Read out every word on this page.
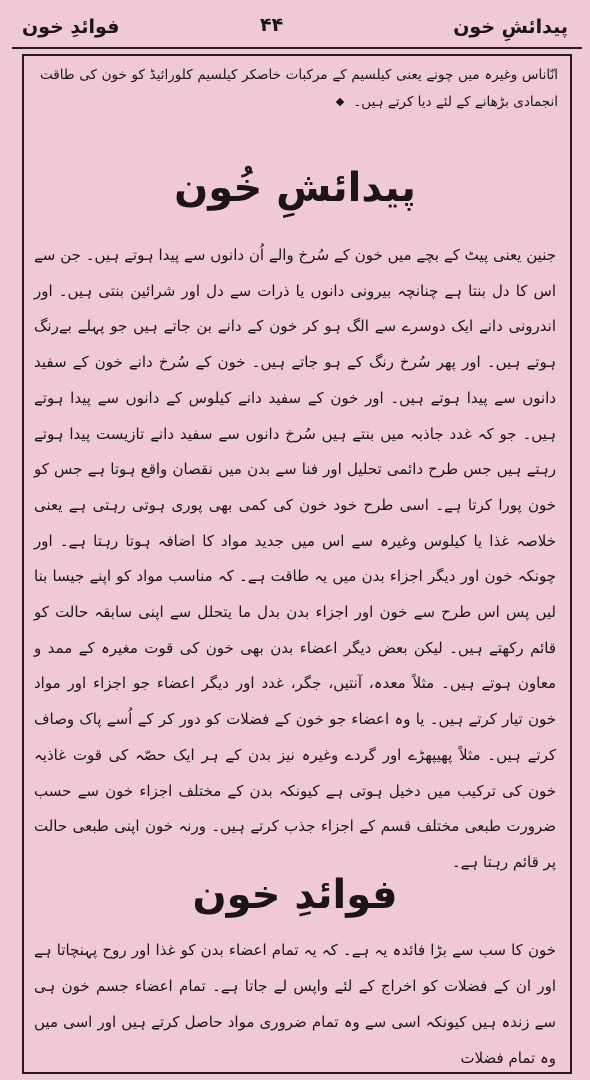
پیدائشِ خون
۴۴
فوائدِ خون
انّاناس وغیرہ میں چونے یعنی کیلسیم کے مرکبات خاصکر کیلسیم کلورائیڈ کو خون کی طاقت انجمادی بڑھانے کے لئے دیا کرتے ہیں۔
پیدائشِ خُون
جنین یعنی پیٹ کے بچے میں خون کے سُرخ والے اُن دانوں سے پیدا ہوتے ہیں۔ جن سے اس کا دل بنتا ہے چنانچہ بیرونی دانوں یا ذرات سے دل اور شرائین بنتی ہیں۔ اور اندرونی دانے ایک دوسرے سے الگ ہو کر خون کے دانے بن جاتے ہیں جو پہلے بےرنگ ہوتے ہیں۔ اور پھر سُرخ رنگ کے ہو جاتے ہیں۔ خون کے سُرخ دانے خون کے سفید دانوں سے پیدا ہوتے ہیں۔ اور خون کے سفید دانے کیلوس کے دانوں سے پیدا ہوتے ہیں۔ جو کہ غدد جاذبہ میں بنتے ہیں سُرخ دانوں سے سفید دانے تازیست پیدا ہوتے رہتے ہیں جس طرح دائمی تحلیل اور فنا سے بدن میں نقصان واقع ہوتا ہے جس کو خون پورا کرتا ہے۔ اسی طرح خود خون کی کمی بھی پوری ہوتی رہتی ہے یعنی خلاصہ غذا یا کیلوس وغیرہ سے اس میں جدید مواد کا اضافہ ہوتا رہتا ہے۔ اور چونکہ خون اور دیگر اجزاء بدن میں یہ طاقت ہے۔ کہ مناسب مواد کو اپنے جیسا بنا لیں پس اس طرح سے خون اور اجزاء بدن بدل ما یتحلل سے اپنی سابقہ حالت کو قائم رکھتے ہیں۔ لیکن بعض دیگر اعضاء بدن بھی خون کی قوت مغیرہ کے ممد و معاون ہوتے ہیں۔ مثلاً معدہ، آنتیں، جگر، غدد اور دیگر اعضاء جو اجزاء اور مواد خون تیار کرتے ہیں۔ یا وہ اعضاء جو خون کے فضلات کو دور کر کے اُسے پاک وصاف کرتے ہیں۔ مثلاً پھیپھڑے اور گردے وغیرہ نیز بدن کے ہر ایک حصّہ کی قوت غاذیہ خون کی ترکیب میں دخیل ہوتی ہے کیونکہ بدن کے مختلف اجزاء خون سے حسب ضرورت طبعی مختلف قسم کے اجزاء جذب کرتے ہیں۔ ورنہ خون اپنی طبعی حالت پر قائم رہتا ہے۔
فوائدِ خون
خون کا سب سے بڑا فائدہ یہ ہے۔ کہ یہ تمام اعضاء بدن کو غذا اور روح پہنچاتا ہے اور ان کے فضلات کو اخراج کے لئے واپس لے جاتا ہے۔ تمام اعضاء جسم خون ہی سے زندہ ہیں کیونکہ اسی سے وہ تمام ضروری مواد حاصل کرتے ہیں اور اسی میں وہ تمام فضلات
